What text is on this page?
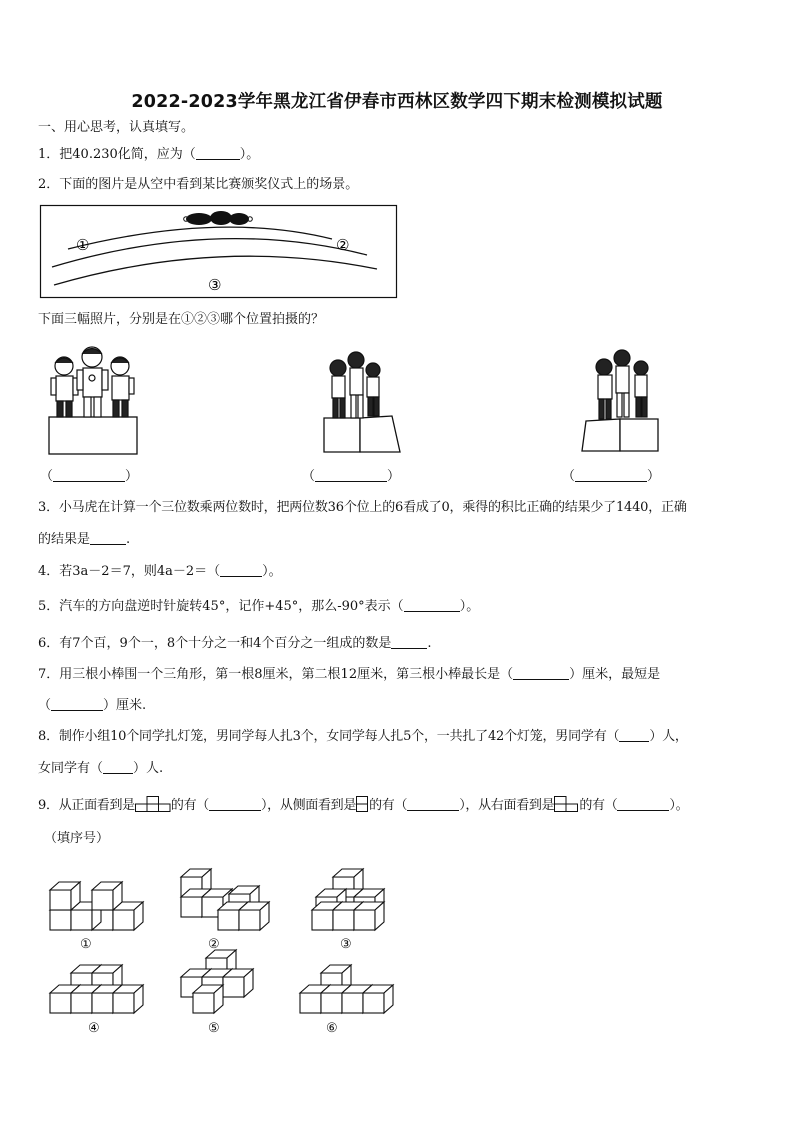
2022-2023学年黑龙江省伊春市西林区数学四下期末检测模拟试题
一、用心思考，认真填写。
1．把40.230化简，应为（	）。
2．下面的图片是从空中看到某比赛颁奖仪式上的场景。
①	②
③
下面三幅照片，分别是在①②③哪个位置拍摄的？
（	）	（	）	（	）
3．小马虎在计算一个三位数乘两位数时，把两位数36个位上的6看成了0，乘得的积比正确的结果少了1440，正确
的结果是	.
4．若3a－2＝7，则4a－2＝（	）。
5．汽车的方向盘逆时针旋转45°，记作+45°，那么-90°表示（	）。
6．有7个百，9个一，8个十分之一和4个百分之一组成的数是	.
7．用三根小棒围一个三角形，第一根8厘米，第二根12厘米，第三根小棒最长是（	）厘米，最短是
（	）厘米.
8．制作小组10个同学扎灯笼，男同学每人扎3个，女同学每人扎5个，一共扎了42个灯笼，男同学有（ ）人，
女同学有（ ）人.
9．从正面看到是	的有（	），从侧面看到是 的有（	），从右面看到是 的有（	）。
（填序号）
①	②	③
④	⑤	⑥
